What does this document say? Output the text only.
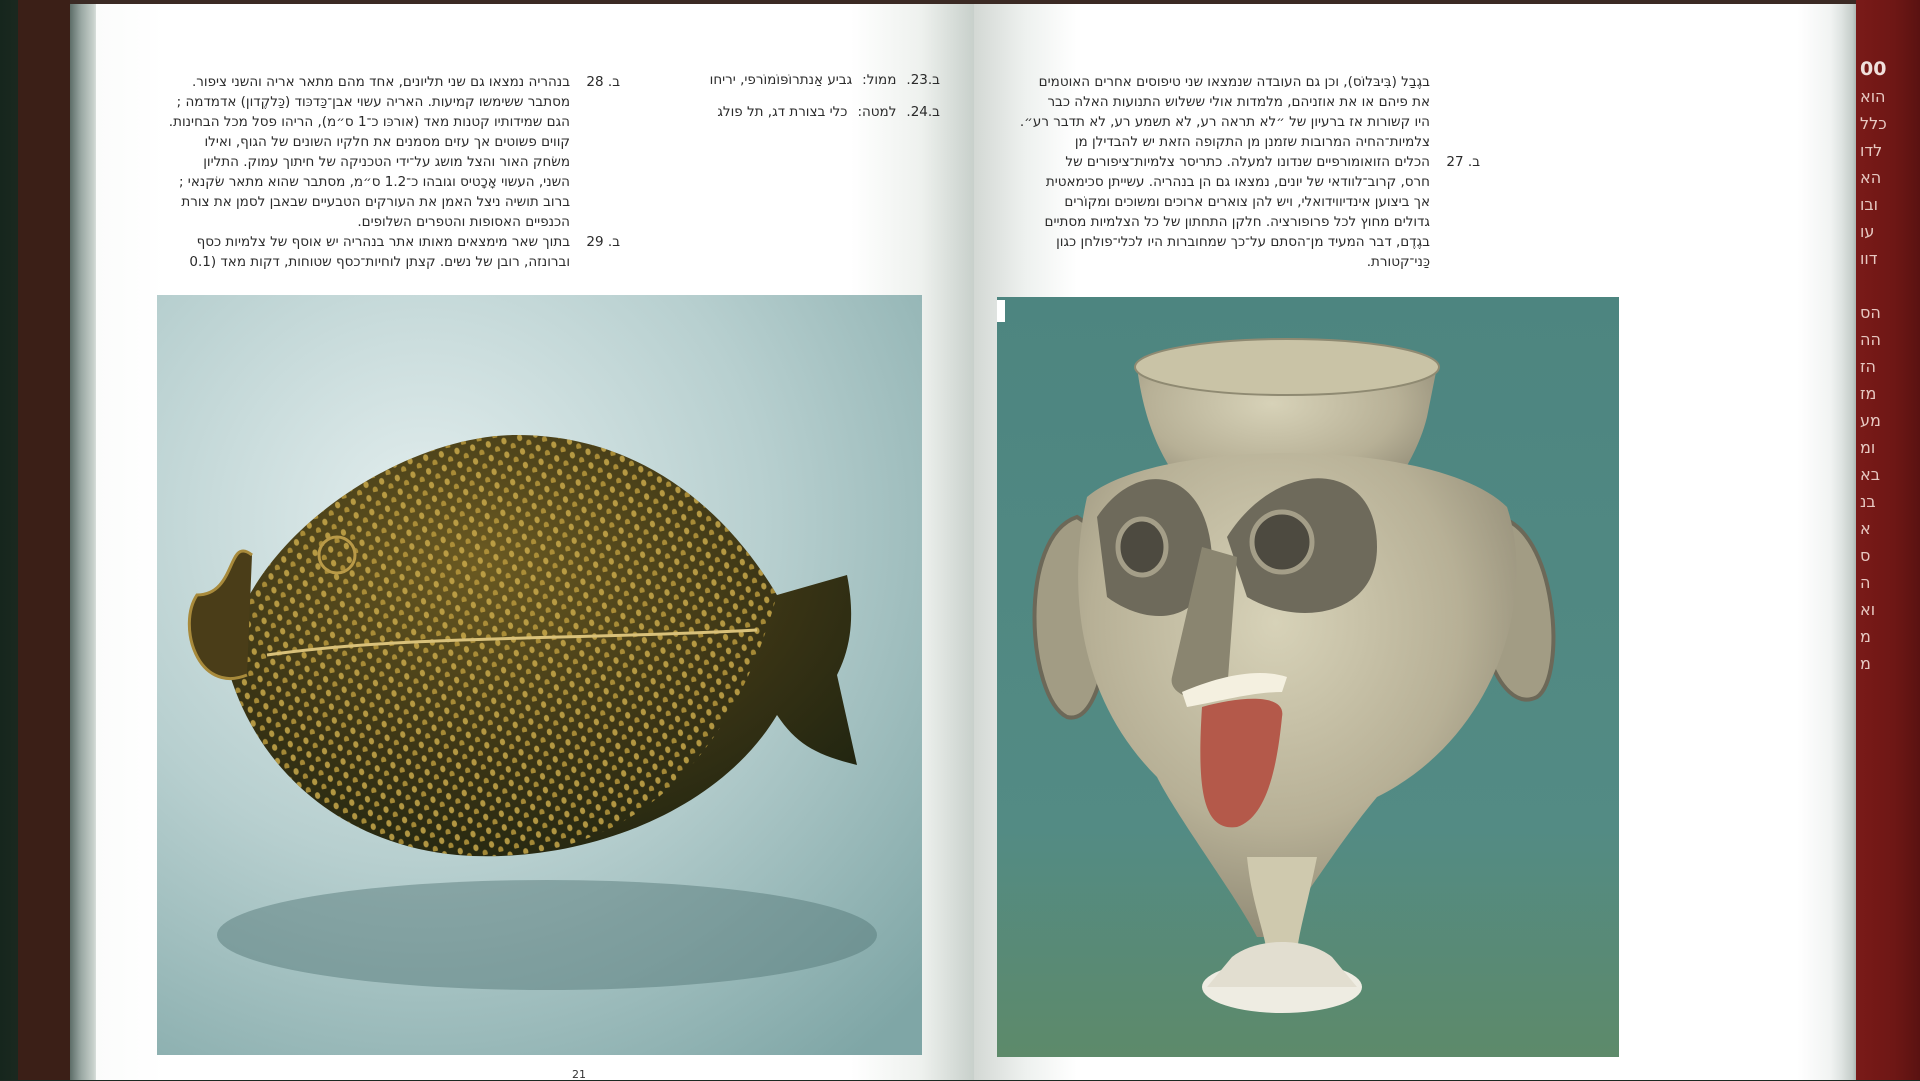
00
הוא
כלל
לדו
הא
ובו
עו
דוו
הס
הה
הז
מז
מע
ומ
בא
בנ
א
ס
ה
וא
מ
מ
ב. 28
בנהריה נמצאו גם שני תליונים, אחד מהם מתאר אריה והשני ציפור.
מסתבר ששימשו קמיעות. האריה עשוי אבן־כַּדכּוד (כַּלקֶדון) אדמדמה ;
הגם שמידותיו קטנות מאד (אורכּו כ־1 ס״מ), הריהו פסל מכל הבחינות.
קווים פשוטים אך עזים מסמנים את חלקיו השונים של הגוף, ואילו
משׂחק האור והצל מושג על־ידי הטכניקה של חיתוך עמוק. התליון
השני, העשוי אָכָטיס וגובהו כ־1.2 ס״מ, מסתבר שהוא מתאר שׂקנאי ;
ברוב תושיה ניצל האמן את העורקים הטבעיים שבאבן לסמן את צורת
הכנפיים האסופות והטפרים השלופים.
ב. 29
בתוך שאר מימצאים מאותו אתר בנהריה יש אוסף של צלמיות כסף
וברונזה, רובן של נשים. קצתן לוחיות־כסף שטוחות, דקות מאד (0.1
ב.23.
ממול:
גביע אַנתרוֹפּוֹמוֹרפי, יריחו
ב.24.
למטה:
כלי בצורת דג, תל פולג
בגֶבַל (בִּיבּלוֹס), וכן גם העובדה שנמצאו שני טיפוסים אחרים האוטמים
את פיהם או את אוזניהם, מלמדות אולי ששלוש התנועות האלה כבר
היו קשורות אז ברעיון של ״לא תראה רע, לא תשמע רע, לא תדבר רע״.
צלמיות־החיה המרובות שזמנן מן התקופה הזאת יש להבדילן מן
ב. 27
הכלים הזואומורפיים שנדונו למעלה. כתריסר צלמיות־ציפורים של
חרס, קרוב־לוודאי של יונים, נמצאו גם הן בנהריה. עשייתן סכימאטית
אך ביצוען אינדיווידואלי, ויש להן צוארים ארוכים ומשוכים ומקוֹרים
גדולים מחוץ לכל פרופורציה. חלקן התחתון של כל הצלמיות מסתיים
בגֶדֶם, דבר המעיד מן־הסתם על־כך שמחוברות היו לכלי־פולחן כגון
כַּני־קטורת.
21
